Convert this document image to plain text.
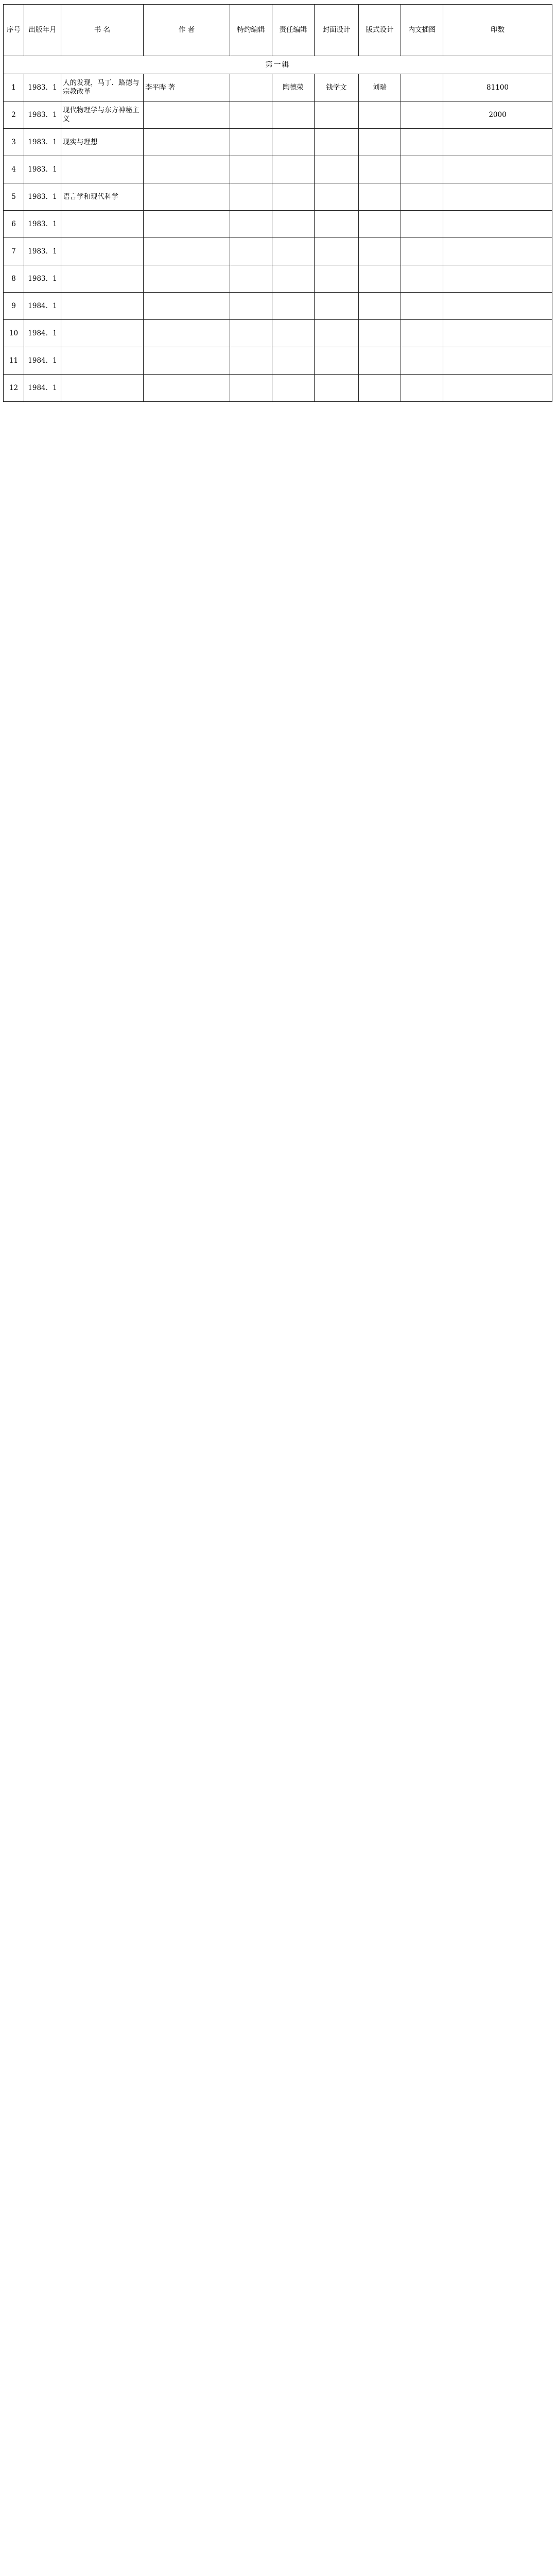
序号	出版年月	书 名	作 者	特约编辑	责任编辑	封面设计	版式设计	内文插图	印数
第一辑									
1	1983．1	人的发现，马丁．路德与宗教改革	李平晔 著		陶德荣	钱学文	刘瑞		81100
2	1983．1	现代物理学与东方神秘主义							2000
3	1983．1	现实与理想							
4	1983．1								
5	1983．1	语言学和现代科学							
6	1983．1								
7	1983．1								
8	1983．1								
9	1984．1								
10	1984．1								
11	1984．1								
12	1984．1								
